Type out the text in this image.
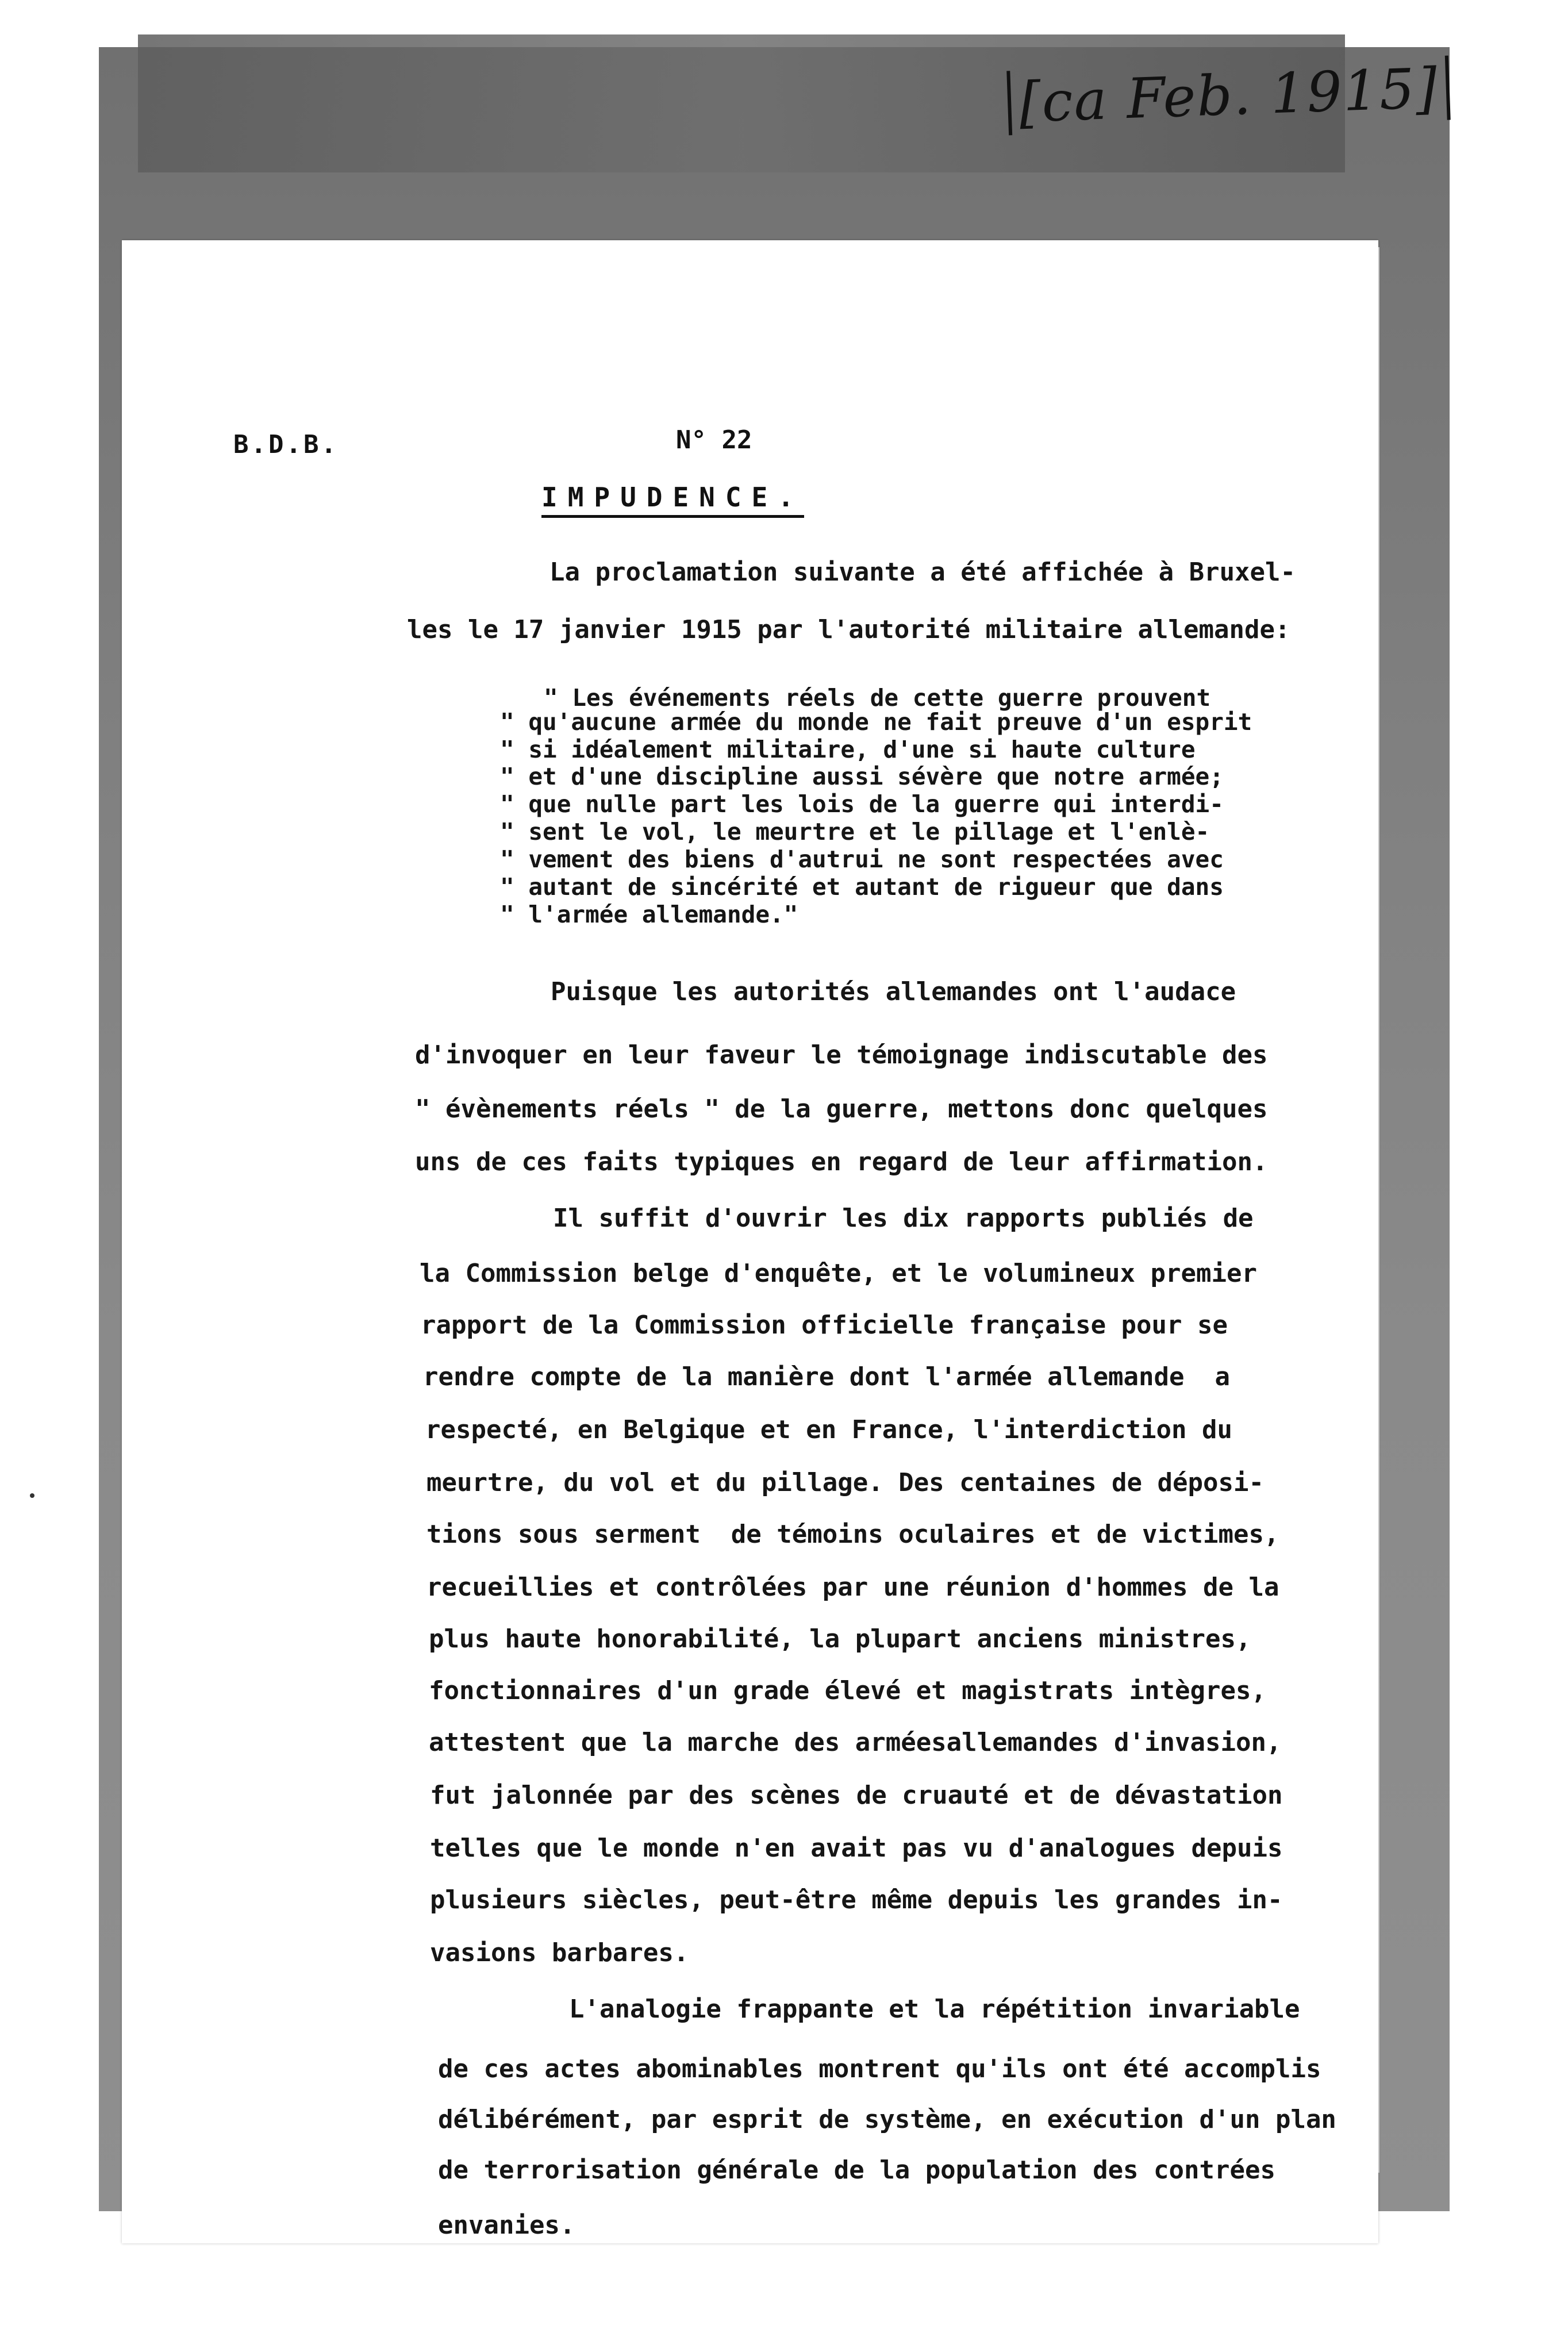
[ca Feb. 1915]
B.D.B.	N° 22
IMPUDENCE.
La proclamation suivante a été affichée à Bruxel-
les le 17 janvier 1915 par l'autorité militaire allemande:
" Les événements réels de cette guerre prouvent
" qu'aucune armée du monde ne fait preuve d'un esprit
" si idéalement militaire, d'une si haute culture
" et d'une discipline aussi sévère que notre armée;
" que nulle part les lois de la guerre qui interdi-
" sent le vol, le meurtre et le pillage et l'enlè-
" vement des biens d'autrui ne sont respectées avec
" autant de sincérité et autant de rigueur que dans
" l'armée allemande."
Puisque les autorités allemandes ont l'audace
d'invoquer en leur faveur le témoignage indiscutable des
" évènements réels " de la guerre, mettons donc quelques
uns de ces faits typiques en regard de leur affirmation.
Il suffit d'ouvrir les dix rapports publiés de
la Commission belge d'enquête, et le volumineux premier
rapport de la Commission officielle française pour se
rendre compte de la manière dont l'armée allemande  a
respecté, en Belgique et en France, l'interdiction du
meurtre, du vol et du pillage. Des centaines de déposi-
tions sous serment  de témoins oculaires et de victimes,
recueillies et contrôlées par une réunion d'hommes de la
plus haute honorabilité, la plupart anciens ministres,
fonctionnaires d'un grade élevé et magistrats intègres,
attestent que la marche des arméesallemandes d'invasion,
fut jalonnée par des scènes de cruauté et de dévastation
telles que le monde n'en avait pas vu d'analogues depuis
plusieurs siècles, peut-être même depuis les grandes in-
vasions barbares.
L'analogie frappante et la répétition invariable
de ces actes abominables montrent qu'ils ont été accomplis
délibérément, par esprit de système, en exécution d'un plan
de terrorisation générale de la population des contrées
envanies.
